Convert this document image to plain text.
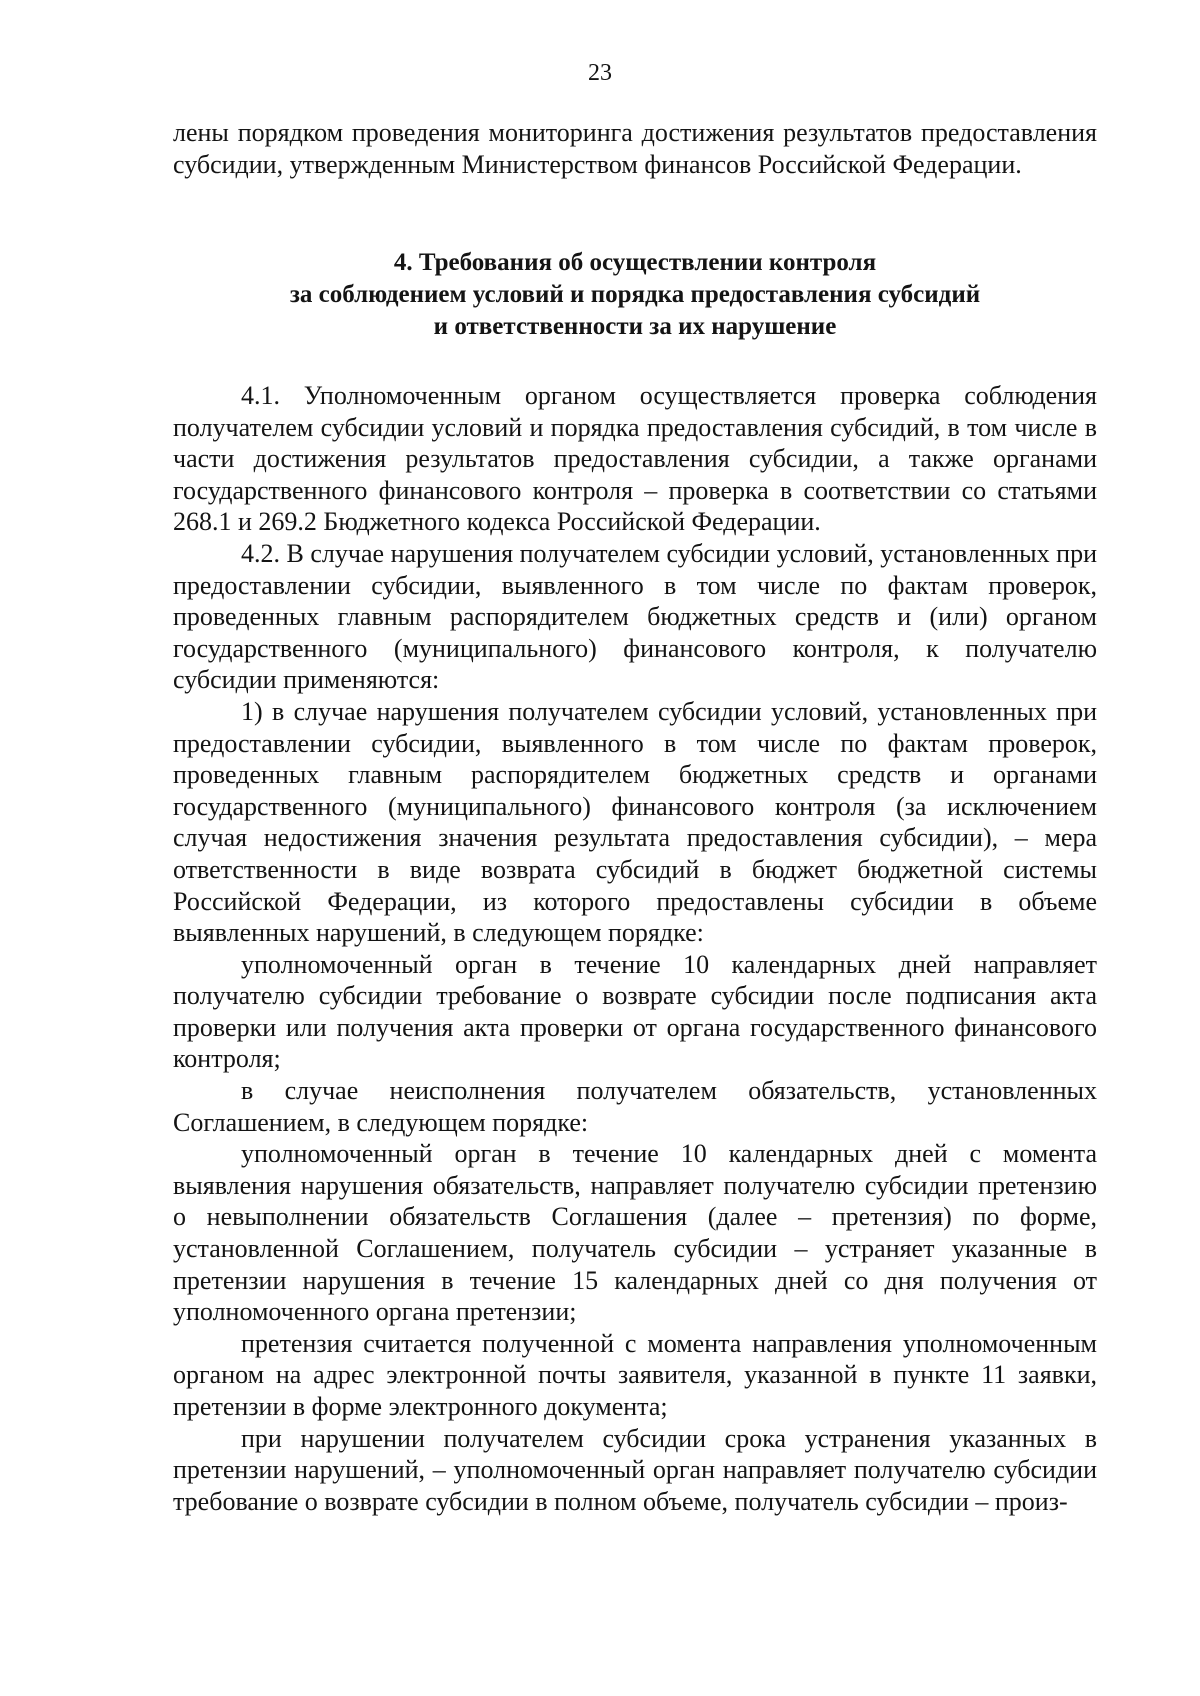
23

лены порядком проведения мониторинга достижения результатов предоставления субсидии, утвержденным Министерством финансов Российской Федерации.

4. Требования об осуществлении контроля
за соблюдением условий и порядка предоставления субсидий
и ответственности за их нарушение

4.1. Уполномоченным органом осуществляется проверка соблюдения получателем субсидии условий и порядка предоставления субсидий, в том числе в части достижения результатов предоставления субсидии, а также органами государственного финансового контроля – проверка в соответствии со статьями 268.1 и 269.2 Бюджетного кодекса Российской Федерации.

4.2. В случае нарушения получателем субсидии условий, установленных при предоставлении субсидии, выявленного в том числе по фактам проверок, проведенных главным распорядителем бюджетных средств и (или) органом государственного (муниципального) финансового контроля, к получателю субсидии применяются:

1) в случае нарушения получателем субсидии условий, установленных при предоставлении субсидии, выявленного в том числе по фактам проверок, проведенных главным распорядителем бюджетных средств и органами государственного (муниципального) финансового контроля (за исключением случая недостижения значения результата предоставления субсидии), – мера ответственности в виде возврата субсидий в бюджет бюджетной системы Российской Федерации, из которого предоставлены субсидии в объеме выявленных нарушений, в следующем порядке:

уполномоченный орган в течение 10 календарных дней направляет получателю субсидии требование о возврате субсидии после подписания акта проверки или получения акта проверки от органа государственного финансового контроля;

в случае неисполнения получателем обязательств, установленных Соглашением, в следующем порядке:

уполномоченный орган в течение 10 календарных дней с момента выявления нарушения обязательств, направляет получателю субсидии претензию о невыполнении обязательств Соглашения (далее – претензия) по форме, установленной Соглашением, получатель субсидии – устраняет указанные в претензии нарушения в течение 15 календарных дней со дня получения от уполномоченного органа претензии;

претензия считается полученной с момента направления уполномоченным органом на адрес электронной почты заявителя, указанной в пункте 11 заявки, претензии в форме электронного документа;

при нарушении получателем субсидии срока устранения указанных в претензии нарушений, – уполномоченный орган направляет получателю субсидии требование о возврате субсидии в полном объеме, получатель субсидии – произ-
